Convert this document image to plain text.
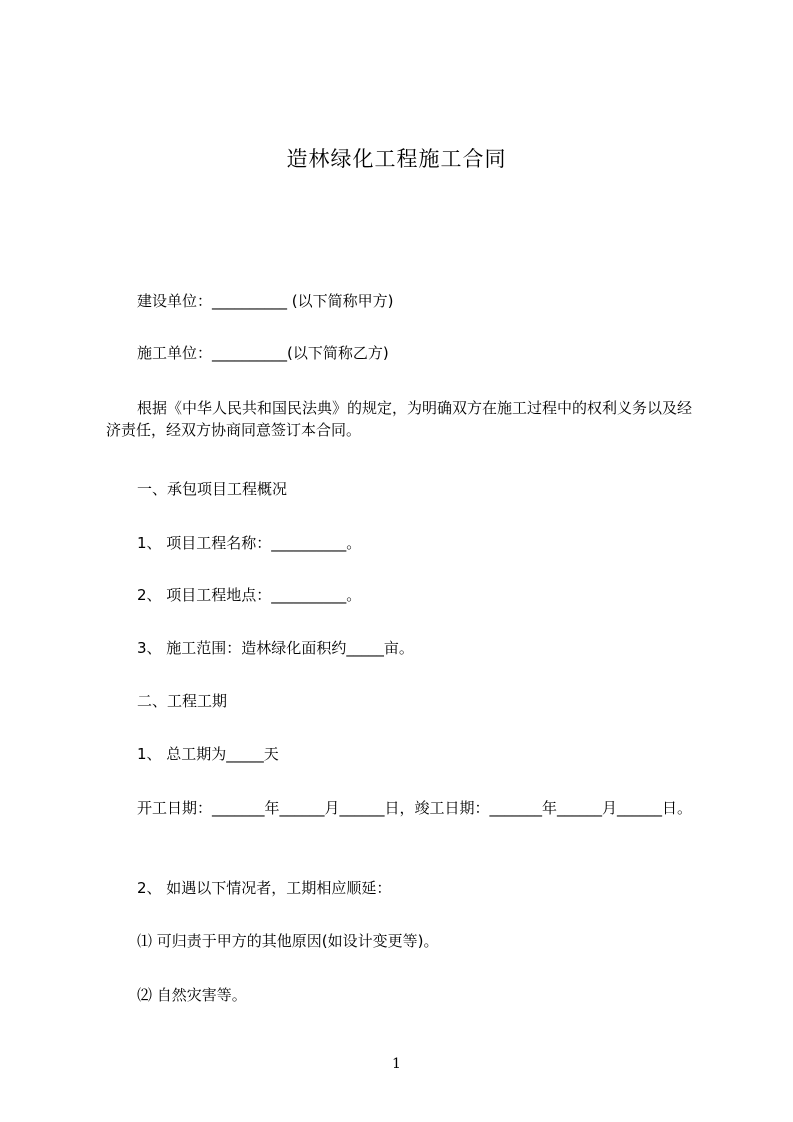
造林绿化工程施工合同
建设单位：__________ (以下简称甲方)
施工单位：__________(以下简称乙方)
根据《中华人民共和国民法典》的规定，为明确双方在施工过程中的权利义务以及经济责任，经双方协商同意签订本合同。
一、承包项目工程概况
1、 项目工程名称：__________。
2、 项目工程地点：__________。
3、 施工范围：造林绿化面积约_____亩。
二、工程工期
1、 总工期为_____天
开工日期：_______年______月______日，竣工日期：_______年______月______日。
2、 如遇以下情况者，工期相应顺延：
⑴ 可归责于甲方的其他原因(如设计变更等)。
⑵ 自然灾害等。
1
